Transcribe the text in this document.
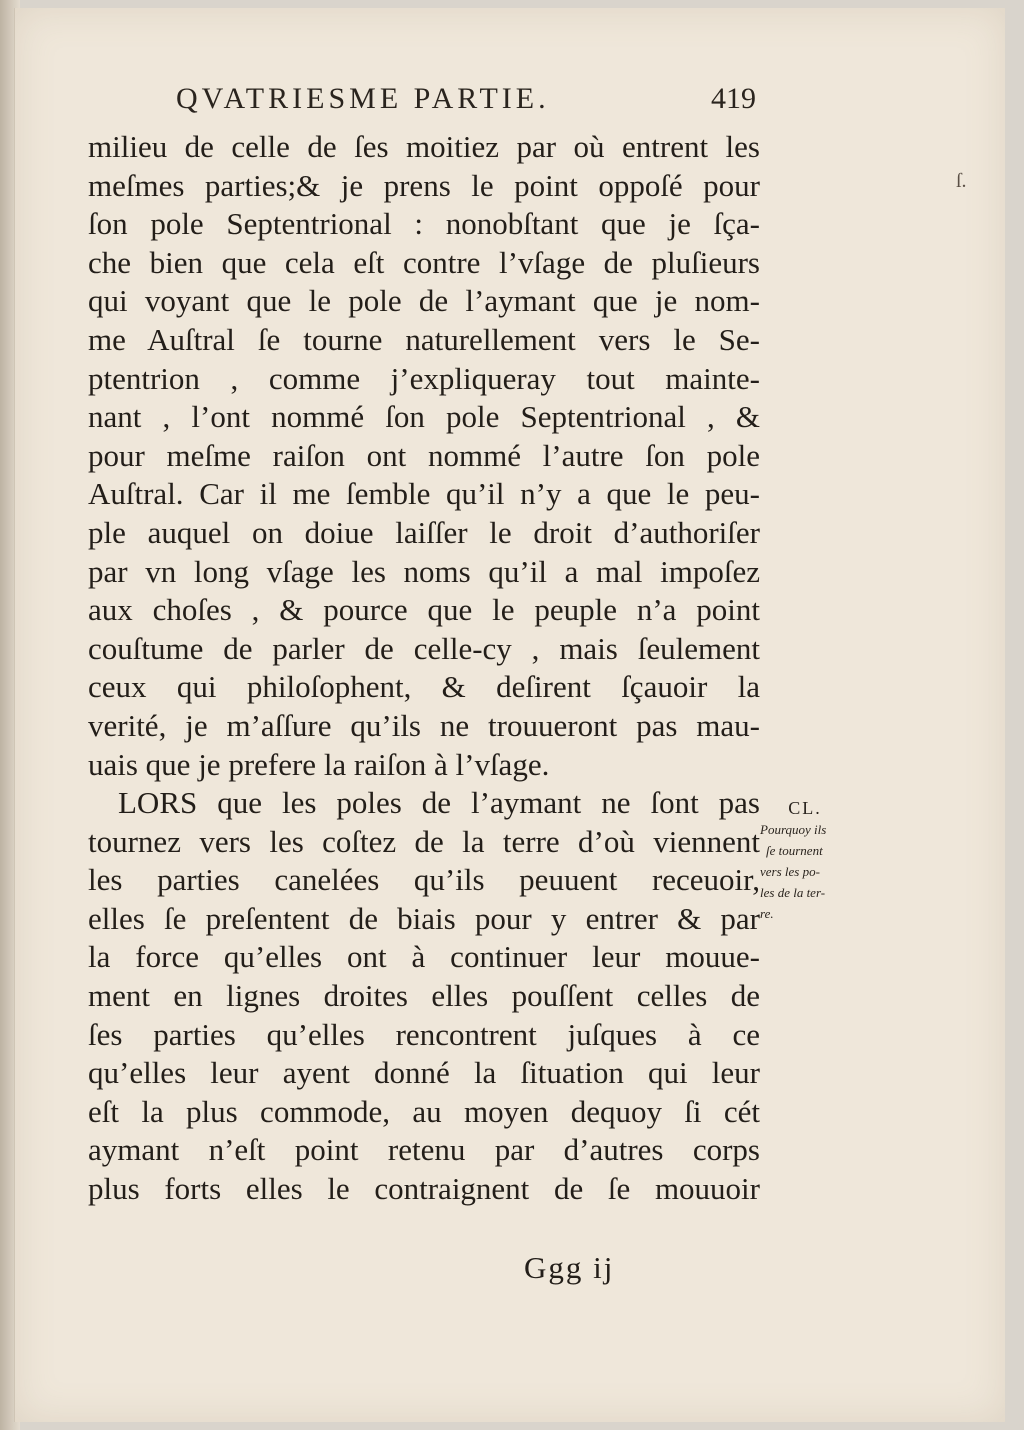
ſ.
QVATRIESME PARTIE.	419
milieu de celle de ſes moitiez par où entrent les
meſmes parties;& je prens le point oppoſé pour
ſon pole Septentrional : nonobſtant que je ſça-
che bien que cela eſt contre l’vſage de pluſieurs
qui voyant que le pole de l’aymant que je nom-
me Auſtral ſe tourne naturellement vers le Se-
ptentrion , comme j’expliqueray tout mainte-
nant , l’ont nommé ſon pole Septentrional , &
pour meſme raiſon ont nommé l’autre ſon pole
Auſtral. Car il me ſemble qu’il n’y a que le peu-
ple auquel on doiue laiſſer le droit d’authoriſer
par vn long vſage les noms qu’il a mal impoſez
aux choſes , & pource que le peuple n’a point
couſtume de parler de celle-cy , mais ſeulement
ceux qui philoſophent, & deſirent ſçauoir la
verité, je m’aſſure qu’ils ne trouueront pas mau-
uais que je prefere la raiſon à l’vſage.
LORS que les poles de l’aymant ne ſont pas
tournez vers les coſtez de la terre d’où viennent
les parties canelées qu’ils peuuent receuoir,
elles ſe preſentent de biais pour y entrer & par
la force qu’elles ont à continuer leur mouue-
ment en lignes droites elles pouſſent celles de
ſes parties qu’elles rencontrent juſques à ce
qu’elles leur ayent donné la ſituation qui leur
eſt la plus commode, au moyen dequoy ſi cét
aymant n’eſt point retenu par d’autres corps
plus forts elles le contraignent de ſe mouuoir
CL.
Pourquoy ils
ſe tournent
vers les po-
les de la ter-
re.
Ggg ij
